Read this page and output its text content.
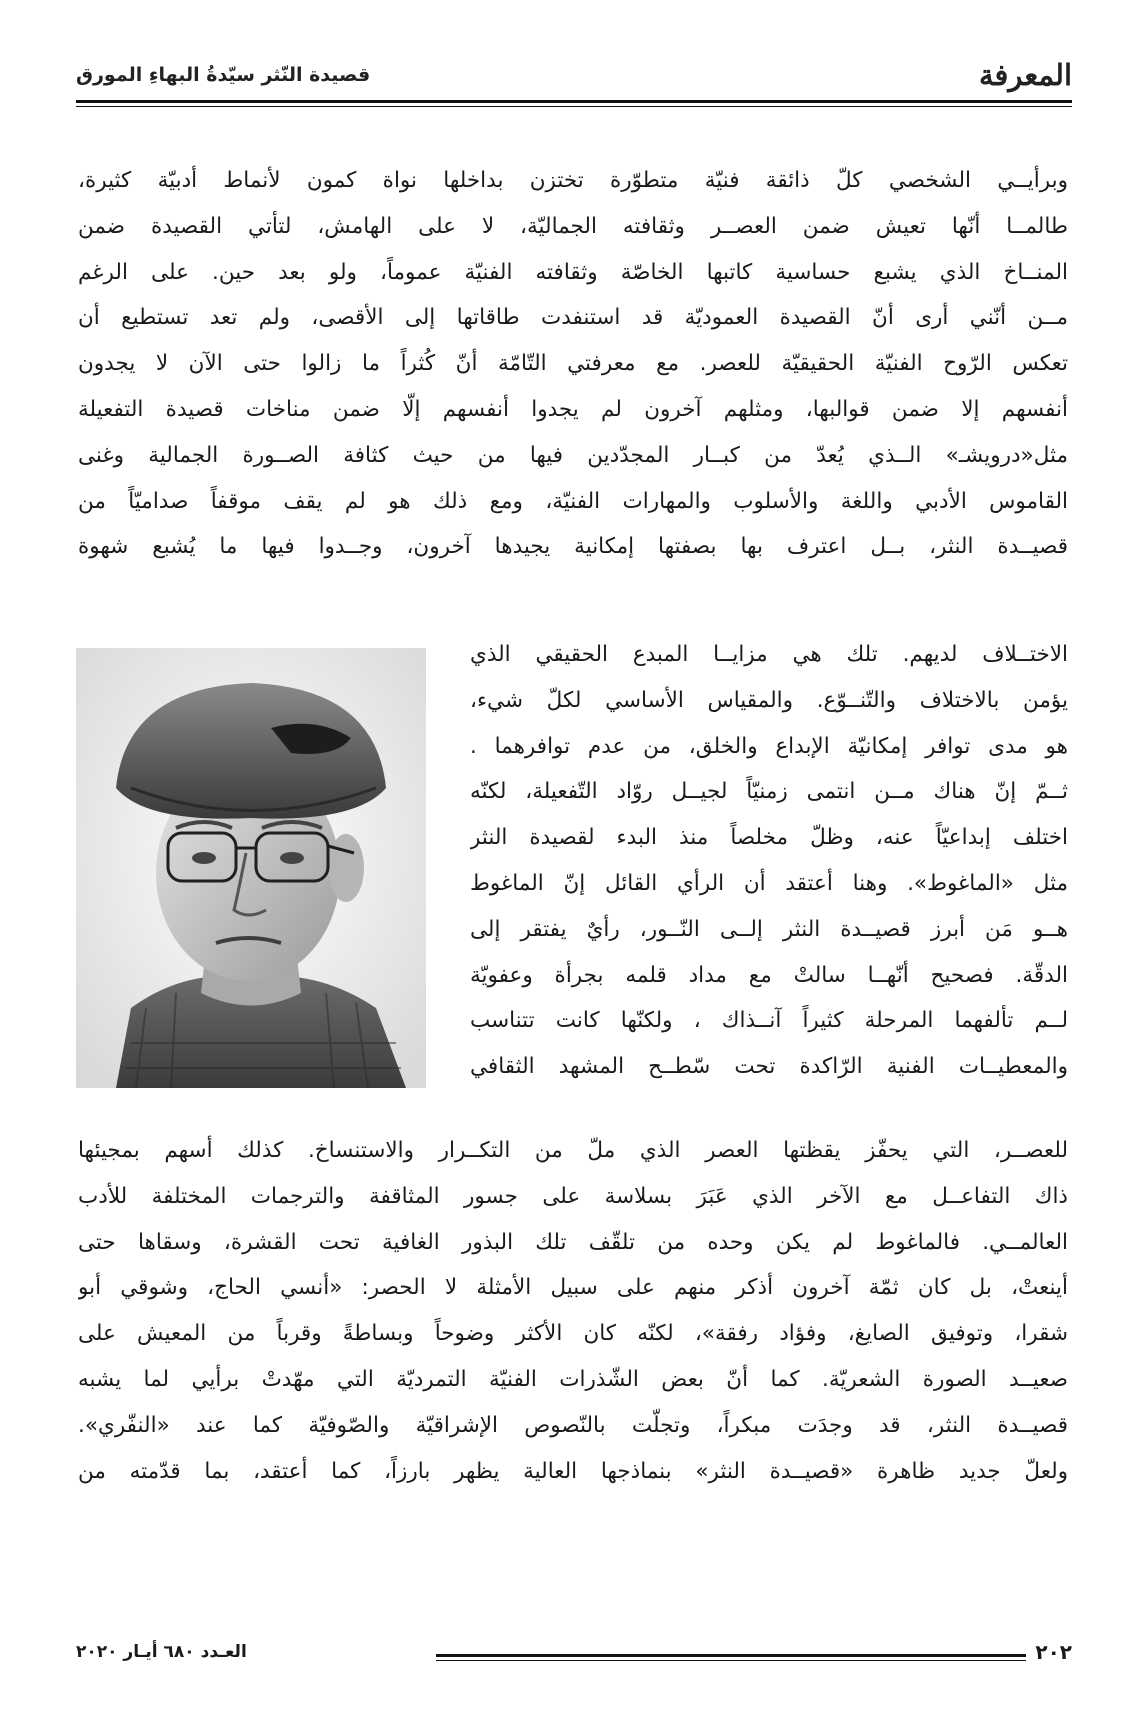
المعرفة
قصيدة النّثر سيّدةُ البهاءِ المورق
وبرأيــي الشخصي كلّ ذائقة فنيّة متطوّرة تختزن بداخلها نواة كمون لأنماط أدبيّة كثيرة،
طالمــا أنّها تعيش ضمن العصــر وثقافته الجماليّة، لا على الهامش، لتأتي القصيدة ضمن
المنــاخ الذي يشبع حساسية كاتبها الخاصّة وثقافته الفنيّة عموماً، ولو بعد حين. على الرغم
مــن أنّني أرى أنّ القصيدة العموديّة قد استنفدت طاقاتها إلى الأقصى، ولم تعد تستطيع أن
تعكس الرّوح الفنيّة الحقيقيّة للعصر. مع معرفتي التّامّة أنّ كُثراً ما زالوا حتى الآن لا يجدون
أنفسهم إلا ضمن قوالبها، ومثلهم آخرون لم يجدوا أنفسهم إلّا ضمن مناخات قصيدة التفعيلة
مثل«درويشـ» الــذي يُعدّ من كبــار المجدّدين فيها من حيث كثافة الصــورة الجمالية وغنى
القاموس الأدبي واللغة والأسلوب والمهارات الفنيّة، ومع ذلك هو لم يقف موقفاً صداميّاً من
قصيــدة النثر، بــل اعترف بها بصفتها إمكانية يجيدها آخرون، وجــدوا فيها ما يُشبع شهوة
الاختــلاف لديهم. تلك هي مزايــا المبدع الحقيقي الذي
يؤمن بالاختلاف والتّنــوّع. والمقياس الأساسي لكلّ شيء،
هو مدى توافر إمكانيّة الإبداع والخلق، من عدم توافرهما .
ثــمّ إنّ هناك مــن انتمى زمنيّاً لجيــل روّاد التّفعيلة، لكنّه
اختلف إبداعيّاً عنه، وظلّ مخلصاً منذ البدء لقصيدة النثر
مثل «الماغوط». وهنا أعتقد أن الرأي القائل إنّ الماغوط
هــو مَن أبرز قصيــدة النثر إلــى النّــور، رأيٌ يفتقر إلى
الدقّة. فصحيح أنّهــا سالتْ مع مداد قلمه بجرأة وعفويّة
لــم تألفهما المرحلة كثيراً آنــذاك ، ولكنّها كانت تتناسب
والمعطيــات الفنية الرّاكدة تحت سّطــح المشهد الثقافي
للعصــر، التي يحفّز يقظتها العصر الذي ملّ من التكــرار والاستنساخ. كذلك أسهم بمجيئها
ذاك التفاعــل مع الآخر الذي عَبَرَ بسلاسة على جسور المثاقفة والترجمات المختلفة للأدب
العالمــي. فالماغوط لم يكن وحده من تلقّف تلك البذور الغافية تحت القشرة، وسقاها حتى
أينعتْ، بل كان ثمّة آخرون أذكر منهم على سبيل الأمثلة لا الحصر: «أنسي الحاج، وشوقي أبو
شقرا، وتوفيق الصايغ، وفؤاد رفقة»، لكنّه كان الأكثر وضوحاً وبساطةً وقرباً من المعيش على
صعيــد الصورة الشعريّة. كما أنّ بعض الشّذرات الفنيّة التمرديّة التي مهّدتْ برأيي لما يشبه
قصيــدة النثر، قد وجدَت مبكراً، وتجلّت بالنّصوص الإشراقيّة والصّوفيّة كما عند «النفّري».
ولعلّ جديد ظاهرة «قصيــدة النثر» بنماذجها العالية يظهر بارزاً، كما أعتقد، بما قدّمته من
٢٠٢
العـدد ٦٨٠ أيـار ٢٠٢٠
